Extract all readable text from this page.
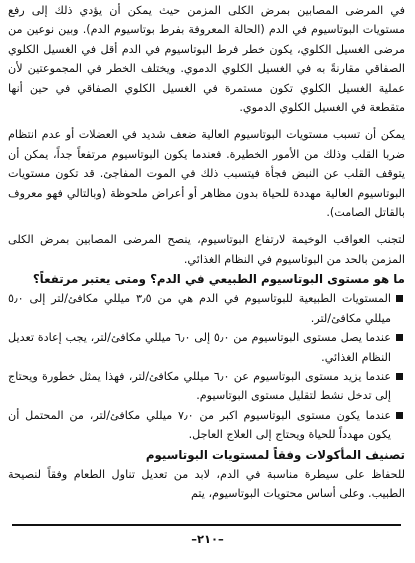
في المرضى المصابين بمرض الكلى المزمن حيث يمكن أن يؤدي ذلك إلى رفع مستويات البوتاسيوم في الدم (الحالة المعروفة بفرط بوتاسيوم الدم). وبين نوعين من مرضى الغسيل الكلوي، يكون خطر فرط البوتاسيوم في الدم أقل في الغسيل الكلوي الصفاقي مقارنةً به في الغسيل الكلوي الدموي. ويختلف الخطر في المجموعتين لأن عملية الغسيل الكلوي تكون مستمرة في الغسيل الكلوي الصفاقي في حين أنها متقطعة في الغسيل الكلوي الدموي.

يمكن أن تسبب مستويات البوتاسيوم العالية ضعف شديد في العضلات أو عدم انتظام ضربا القلب وذلك من الأمور الخطيرة. فعندما يكون البوتاسيوم مرتفعاً جداً، يمكن أن يتوقف القلب عن النبض فجأة فيتسبب ذلك في الموت المفاجئ. قد تكون مستويات البوتاسيوم العالية مهددة للحياة بدون مظاهر أو أعراض ملحوظة (وبالتالي فهو معروف بالقاتل الصامت).

لتجنب العواقب الوخيمة لارتفاع البوتاسيوم، ينصح المرضى المصابين بمرض الكلى المزمن بالحد من البوتاسيوم في النظام الغذائي.

ما هو مستوى البوتاسيوم الطبيعي في الدم؟ ومتى يعتبر مرتفعاً؟
المستويات الطبيعية للبوتاسيوم في الدم هي من ٣٫٥ ميللي مكافئ/لتر إلى ٥٫٠ ميللي مكافئ/لتر.
عندما يصل مستوى البوتاسيوم من ٥٫٠ إلى ٦٫٠ ميللي مكافئ/لتر، يجب إعادة تعديل النظام الغذائي.
عندما يزيد مستوى البوتاسيوم عن ٦٫٠ ميللي مكافئ/لتر، فهذا يمثل خطورة ويحتاج إلى تدخل نشط لتقليل مستوى البوتاسيوم.
عندما يكون مستوى البوتاسيوم اكبر من ٧٫٠ ميللي مكافئ/لتر، من المحتمل أن يكون مهدداً للحياة ويحتاج إلى العلاج العاجل.
تصنيف المأكولات وفقاً لمستويات البوتاسيوم

للحفاظ على سيطرة مناسبة في الدم، لابد من تعديل تناول الطعام وفقاً لنصيحة الطبيب. وعلى أساس محتويات البوتاسيوم، يتم

–٢١٠–
